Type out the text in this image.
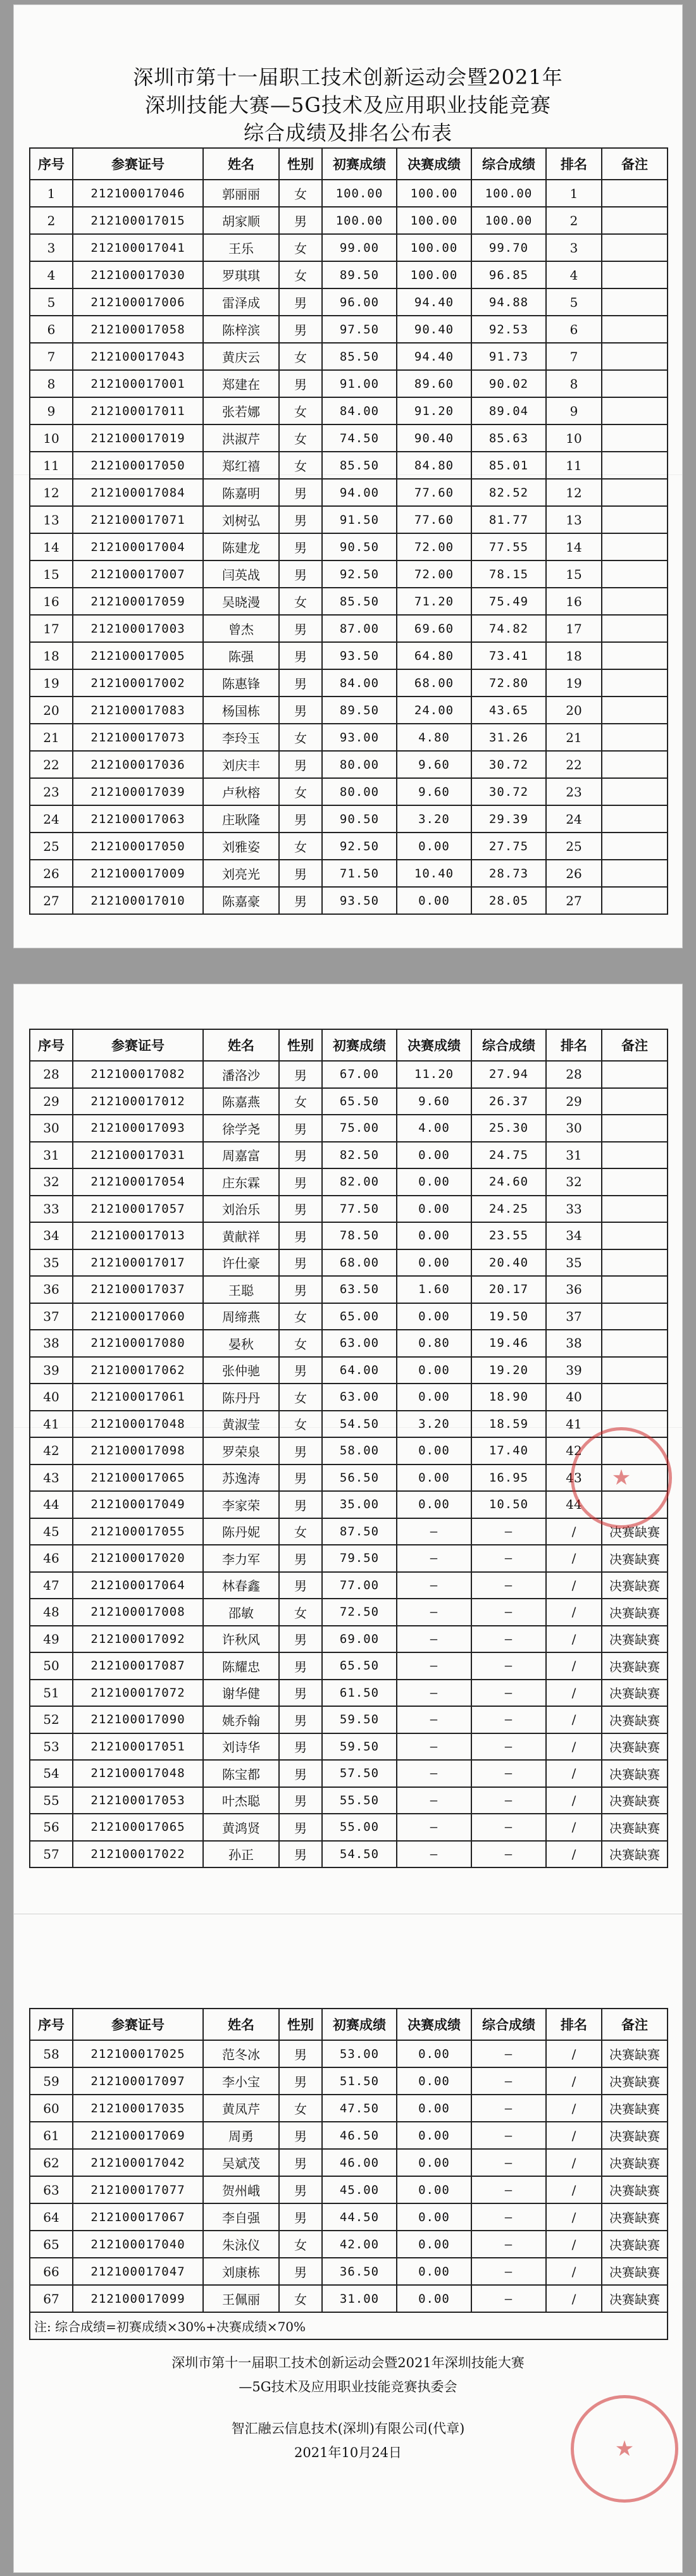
深圳市第十一届职工技术创新运动会暨2021年
深圳技能大赛—5G技术及应用职业技能竞赛
综合成绩及排名公布表
序号	参赛证号	姓名	性别	初赛成绩	决赛成绩	综合成绩	排名	备注
1	212100017046	郭丽丽	女	100.00	100.00	100.00	1	
2	212100017015	胡家顺	男	100.00	100.00	100.00	2	
3	212100017041	王乐	女	99.00	100.00	99.70	3	
4	212100017030	罗琪琪	女	89.50	100.00	96.85	4	
5	212100017006	雷泽成	男	96.00	94.40	94.88	5	
6	212100017058	陈梓滨	男	97.50	90.40	92.53	6	
7	212100017043	黄庆云	女	85.50	94.40	91.73	7	
8	212100017001	郑建在	男	91.00	89.60	90.02	8	
9	212100017011	张若娜	女	84.00	91.20	89.04	9	
10	212100017019	洪淑芹	女	74.50	90.40	85.63	10	
11	212100017050	郑红禧	女	85.50	84.80	85.01	11	
12	212100017084	陈嘉明	男	94.00	77.60	82.52	12	
13	212100017071	刘树弘	男	91.50	77.60	81.77	13	
14	212100017004	陈建龙	男	90.50	72.00	77.55	14	
15	212100017007	闫英战	男	92.50	72.00	78.15	15	
16	212100017059	吴晓漫	女	85.50	71.20	75.49	16	
17	212100017003	曾杰	男	87.00	69.60	74.82	17	
18	212100017005	陈强	男	93.50	64.80	73.41	18	
19	212100017002	陈惠锋	男	84.00	68.00	72.80	19	
20	212100017083	杨国栋	男	89.50	24.00	43.65	20	
21	212100017073	李玲玉	女	93.00	4.80	31.26	21	
22	212100017036	刘庆丰	男	80.00	9.60	30.72	22	
23	212100017039	卢秋榕	女	80.00	9.60	30.72	23	
24	212100017063	庄耿隆	男	90.50	3.20	29.39	24	
25	212100017050	刘雅姿	女	92.50	0.00	27.75	25	
26	212100017009	刘亮光	男	71.50	10.40	28.73	26	
27	212100017010	陈嘉豪	男	93.50	0.00	28.05	27	
序号	参赛证号	姓名	性别	初赛成绩	决赛成绩	综合成绩	排名	备注
28	212100017082	潘洛沙	男	67.00	11.20	27.94	28	
29	212100017012	陈嘉燕	女	65.50	9.60	26.37	29	
30	212100017093	徐学尧	男	75.00	4.00	25.30	30	
31	212100017031	周嘉富	男	82.50	0.00	24.75	31	
32	212100017054	庄东霖	男	82.00	0.00	24.60	32	
33	212100017057	刘治乐	男	77.50	0.00	24.25	33	
34	212100017013	黄献祥	男	78.50	0.00	23.55	34	
35	212100017017	许仕豪	男	68.00	0.00	20.40	35	
36	212100017037	王聪	男	63.50	1.60	20.17	36	
37	212100017060	周缔燕	女	65.00	0.00	19.50	37	
38	212100017080	晏秋	女	63.00	0.80	19.46	38	
39	212100017062	张仲驰	男	64.00	0.00	19.20	39	
40	212100017061	陈丹丹	女	63.00	0.00	18.90	40	
41	212100017048	黄淑莹	女	54.50	3.20	18.59	41	
42	212100017098	罗荣泉	男	58.00	0.00	17.40	42	
43	212100017065	苏逸涛	男	56.50	0.00	16.95	43	
44	212100017049	李家荣	男	35.00	0.00	10.50	44	
45	212100017055	陈丹妮	女	87.50	—	—	/	决赛缺赛
46	212100017020	李力军	男	79.50	—	—	/	决赛缺赛
47	212100017064	林春鑫	男	77.00	—	—	/	决赛缺赛
48	212100017008	邵敏	女	72.50	—	—	/	决赛缺赛
49	212100017092	许秋风	男	69.00	—	—	/	决赛缺赛
50	212100017087	陈耀忠	男	65.50	—	—	/	决赛缺赛
51	212100017072	谢华健	男	61.50	—	—	/	决赛缺赛
52	212100017090	姚乔翰	男	59.50	—	—	/	决赛缺赛
53	212100017051	刘诗华	男	59.50	—	—	/	决赛缺赛
54	212100017048	陈宝都	男	57.50	—	—	/	决赛缺赛
55	212100017053	叶杰聪	男	55.50	—	—	/	决赛缺赛
56	212100017065	黄鸿贤	男	55.00	—	—	/	决赛缺赛
57	212100017022	孙正	男	54.50	—	—	/	决赛缺赛
★
序号	参赛证号	姓名	性别	初赛成绩	决赛成绩	综合成绩	排名	备注
58	212100017025	范冬冰	男	53.00	0.00	—	/	决赛缺赛
59	212100017097	李小宝	男	51.50	0.00	—	/	决赛缺赛
60	212100017035	黄凤芹	女	47.50	0.00	—	/	决赛缺赛
61	212100017069	周勇	男	46.50	0.00	—	/	决赛缺赛
62	212100017042	吴斌茂	男	46.00	0.00	—	/	决赛缺赛
63	212100017077	贺州峨	男	45.00	0.00	—	/	决赛缺赛
64	212100017067	李自强	男	44.50	0.00	—	/	决赛缺赛
65	212100017040	朱泳仪	女	42.00	0.00	—	/	决赛缺赛
66	212100017047	刘康栋	男	36.50	0.00	—	/	决赛缺赛
67	212100017099	王佩丽	女	31.00	0.00	—	/	决赛缺赛
注: 综合成绩=初赛成绩×30%+决赛成绩×70%								
深圳市第十一届职工技术创新运动会暨2021年深圳技能大赛
—5G技术及应用职业技能竞赛执委会
智汇融云信息技术(深圳)有限公司(代章)
2021年10月24日	★
